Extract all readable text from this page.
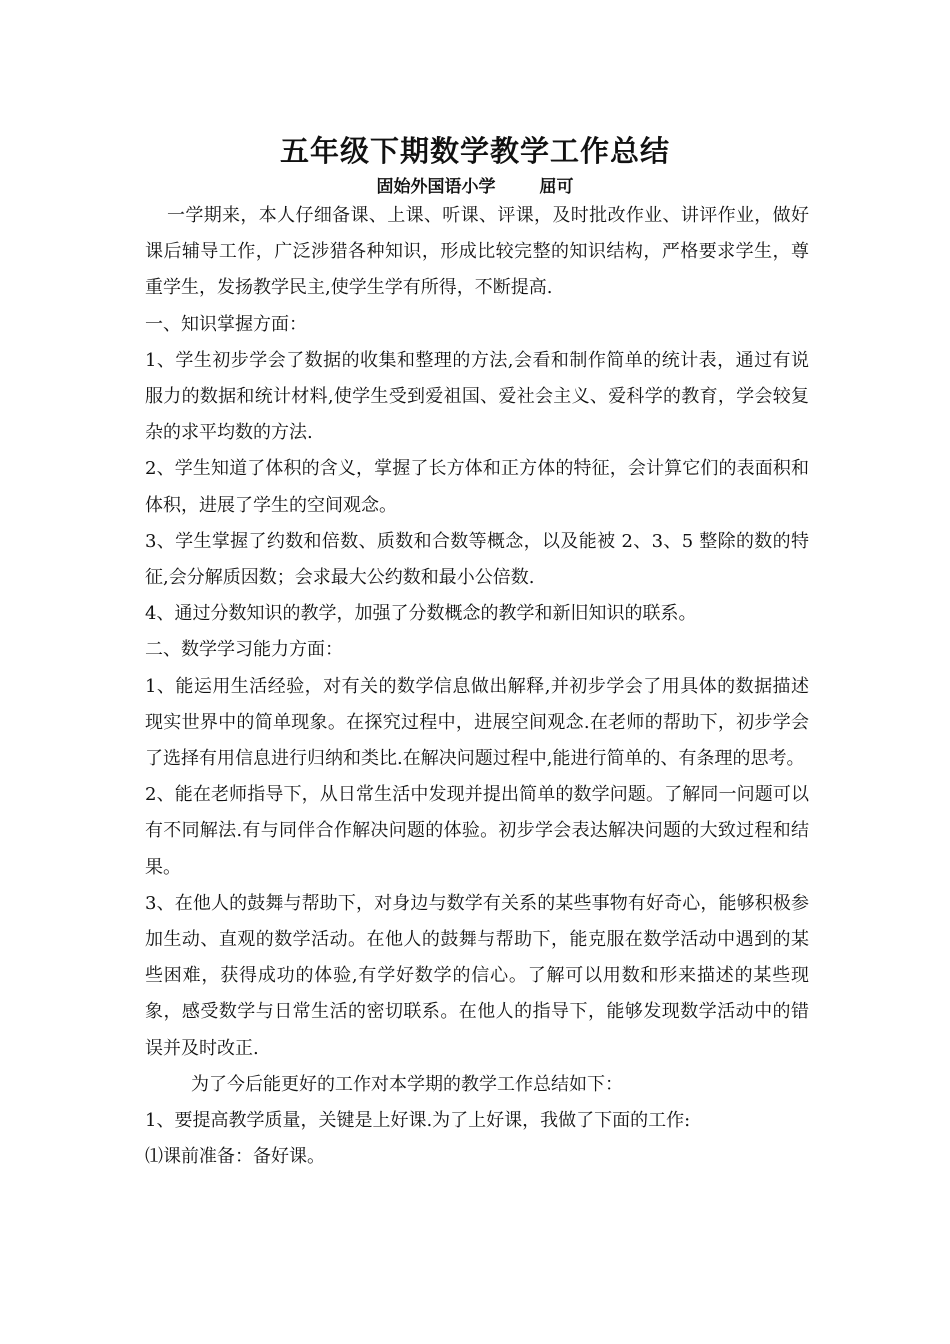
五年级下期数学教学工作总结
固始外国语小学	屈可

一学期来，本人仔细备课、上课、听课、评课，及时批改作业、讲评作业，做好课后辅导工作，广泛涉猎各种知识，形成比较完整的知识结构，严格要求学生，尊重学生，发扬教学民主,使学生学有所得，不断提高.

一、知识掌握方面：

1、学生初步学会了数据的收集和整理的方法,会看和制作简单的统计表，通过有说服力的数据和统计材料,使学生受到爱祖国、爱社会主义、爱科学的教育，学会较复杂的求平均数的方法.

2、学生知道了体积的含义，掌握了长方体和正方体的特征，会计算它们的表面积和体积，进展了学生的空间观念。

3、学生掌握了约数和倍数、质数和合数等概念，以及能被 2、3、5 整除的数的特征,会分解质因数；会求最大公约数和最小公倍数.

4、通过分数知识的教学，加强了分数概念的教学和新旧知识的联系。

二、数学学习能力方面：

1、能运用生活经验，对有关的数学信息做出解释,并初步学会了用具体的数据描述现实世界中的简单现象。在探究过程中，进展空间观念.在老师的帮助下，初步学会了选择有用信息进行归纳和类比.在解决问题过程中,能进行简单的、有条理的思考。

2、能在老师指导下，从日常生活中发现并提出简单的数学问题。了解同一问题可以有不同解法.有与同伴合作解决问题的体验。初步学会表达解决问题的大致过程和结果。

3、在他人的鼓舞与帮助下，对身边与数学有关系的某些事物有好奇心，能够积极参加生动、直观的数学活动。在他人的鼓舞与帮助下，能克服在数学活动中遇到的某些困难，获得成功的体验,有学好数学的信心。了解可以用数和形来描述的某些现象，感受数学与日常生活的密切联系。在他人的指导下，能够发现数学活动中的错误并及时改正.

为了今后能更好的工作对本学期的教学工作总结如下：

1、要提高教学质量，关键是上好课.为了上好课，我做了下面的工作:

⑴课前准备：备好课。
